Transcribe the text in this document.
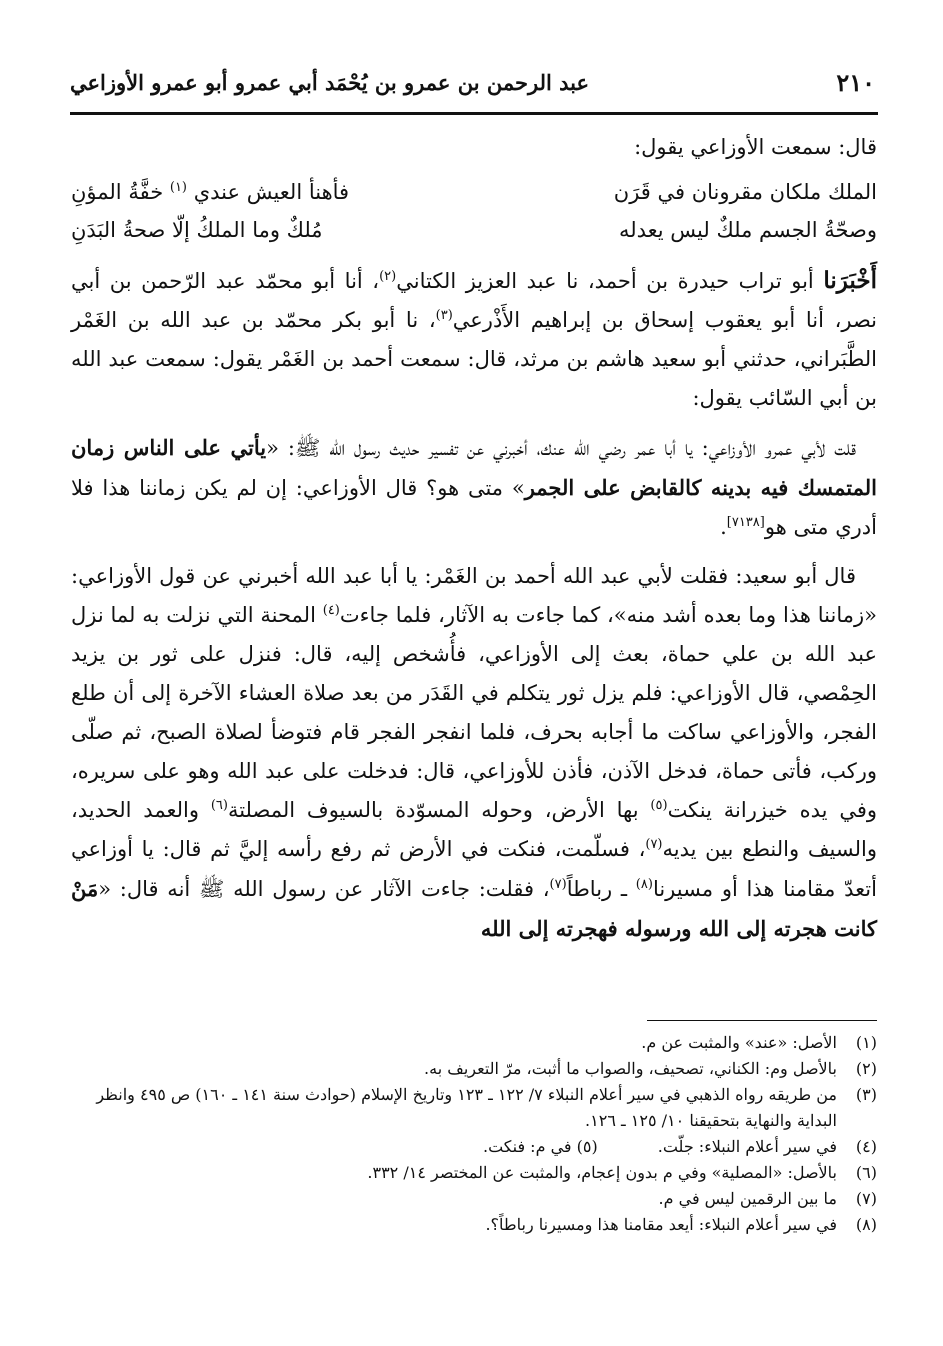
٢١٠
عبد الرحمن بن عمرو بن يُحْمَد أبي عمرو أبو عمرو الأوزاعي

قال: سمعت الأوزاعي يقول:

الملك ملكان مقرونان في قَرَن
فأهنأ العيش عندي $^{(١)}$ خفَّةُ المؤنِ
وصحّةُ الجسم ملكٌ ليس يعدله
مُلكٌ وما الملكُ إلّا صحةُ البَدَنِ

أَخْبَرَنا أبو تراب حيدرة بن أحمد، نا عبد العزيز الكتاني$^{(٢)}$، أنا أبو محمّد عبد الرّحمن بن أبي نصر، أنا أبو يعقوب إسحاق بن إبراهيم الأَذْرعي$^{(٣)}$، نا أبو بكر محمّد بن عبد الله بن الغَمْر الطَّبَراني، حدثني أبو سعيد هاشم بن مرثد، قال: سمعت أحمد بن الغَمْر يقول: سمعت عبد الله بن أبي السّائب يقول:

 قلت لأبي عمرو الأوزاعي: يا أبا عمر رضي الله عنك، أخبرني عن تفسير حديث رسول الله ﷺ: «يأتي على الناس زمان المتمسك فيه بدينه كالقابض على الجمر» متى هو؟ قال الأوزاعي: إن لم يكن زماننا هذا فلا أدري متى هو[٧١٣٨].

 قال أبو سعيد: فقلت لأبي عبد الله أحمد بن الغَمْر: يا أبا عبد الله أخبرني عن قول الأوزاعي: «زماننا هذا وما بعده أشد منه»، كما جاءت به الآثار، فلما جاءت$^{(٤)}$ المحنة التي نزلت به لما نزل عبد الله بن علي حماة، بعث إلى الأوزاعي، فأُشخص إليه، قال: فنزل على ثور بن يزيد الحِمْصي، قال الأوزاعي: فلم يزل ثور يتكلم في القَدَر من بعد صلاة العشاء الآخرة إلى أن طلع الفجر، والأوزاعي ساكت ما أجابه بحرف، فلما انفجر الفجر قام فتوضأ لصلاة الصبح، ثم صلّى وركب، فأتى حماة، فدخل الآذن، فأذن للأوزاعي، قال: فدخلت على عبد الله وهو على سريره، وفي يده خيزرانة ينكت$^{(٥)}$ بها الأرض، وحوله المسوّدة بالسيوف المصلتة$^{(٦)}$ والعمد الحديد، والسيف والنطع بين يديه$^{(٧)}$، فسلّمت، فنكت في الأرض ثم رفع رأسه إليَّ ثم قال: يا أوزاعي أتعدّ مقامنا هذا أو مسيرنا$^{(٨)}$ ـ رباطاً$^{(٧)}$، فقلت: جاءت الآثار عن رسول الله ﷺ أنه قال: «مَنْ كانت هجرته إلى الله ورسوله فهجرته إلى الله

(١)
الأصل: «عند» والمثبت عن م.

(٢)
بالأصل وم: الكناني، تصحيف، والصواب ما أثبت، مرّ التعريف به.

(٣)
من طريقه رواه الذهبي في سير أعلام النبلاء ٧/ ١٢٢ ـ ١٢٣ وتاريخ الإسلام (حوادث سنة ١٤١ ـ ١٦٠) ص ٤٩٥ وانظر البداية والنهاية بتحقيقنا ١٠/ ١٢٥ ـ ١٢٦.

(٤)
في سير أعلام النبلاء: جلّت.(٥) في م: فنكت.

(٦)
بالأصل: «المصلية» وفي م بدون إعجام، والمثبت عن المختصر ١٤/ ٣٣٢.

(٧)
ما بين الرقمين ليس في م.

(٨)
في سير أعلام النبلاء: أيعد مقامنا هذا ومسيرنا رباطاً؟.
